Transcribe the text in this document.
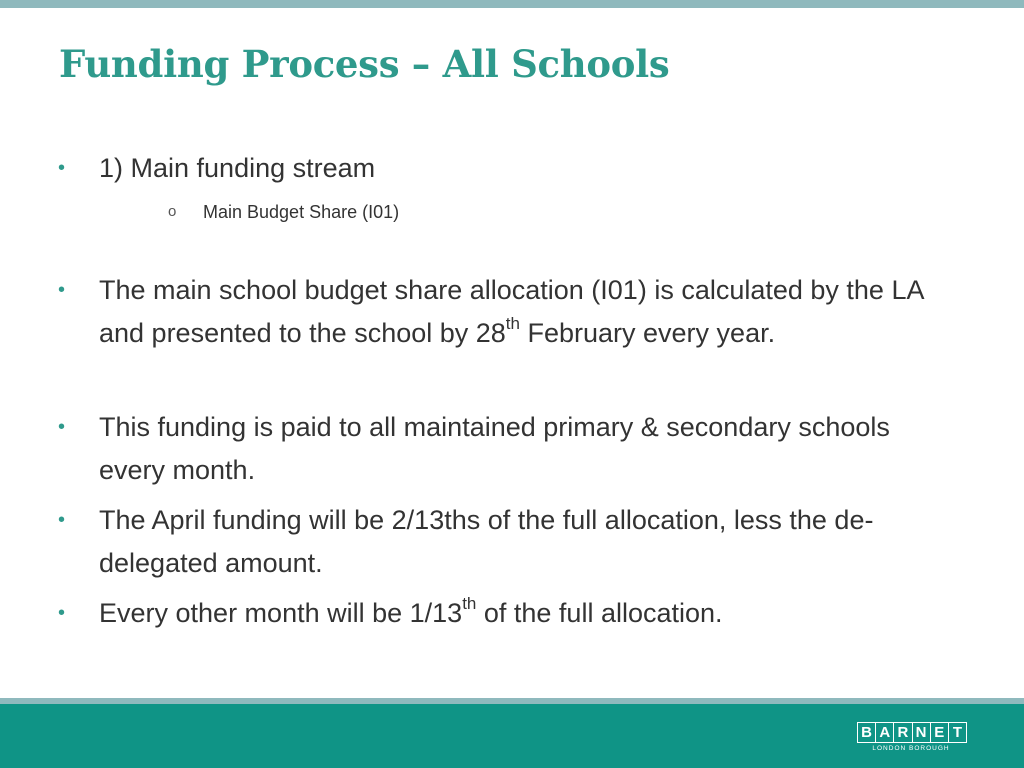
Funding Process – All Schools
•	1) Main funding stream
o Main Budget Share (I01)
•	The main school budget share allocation (I01) is calculated by the LA and presented to the school by 28th February every year.
•	This funding is paid to all maintained primary & secondary schools every month.
•	The April funding will be 2/13ths of the full allocation, less the de-delegated amount.
•	Every other month will be 1/13th of the full allocation.
B A R N E T
LONDON BOROUGH
